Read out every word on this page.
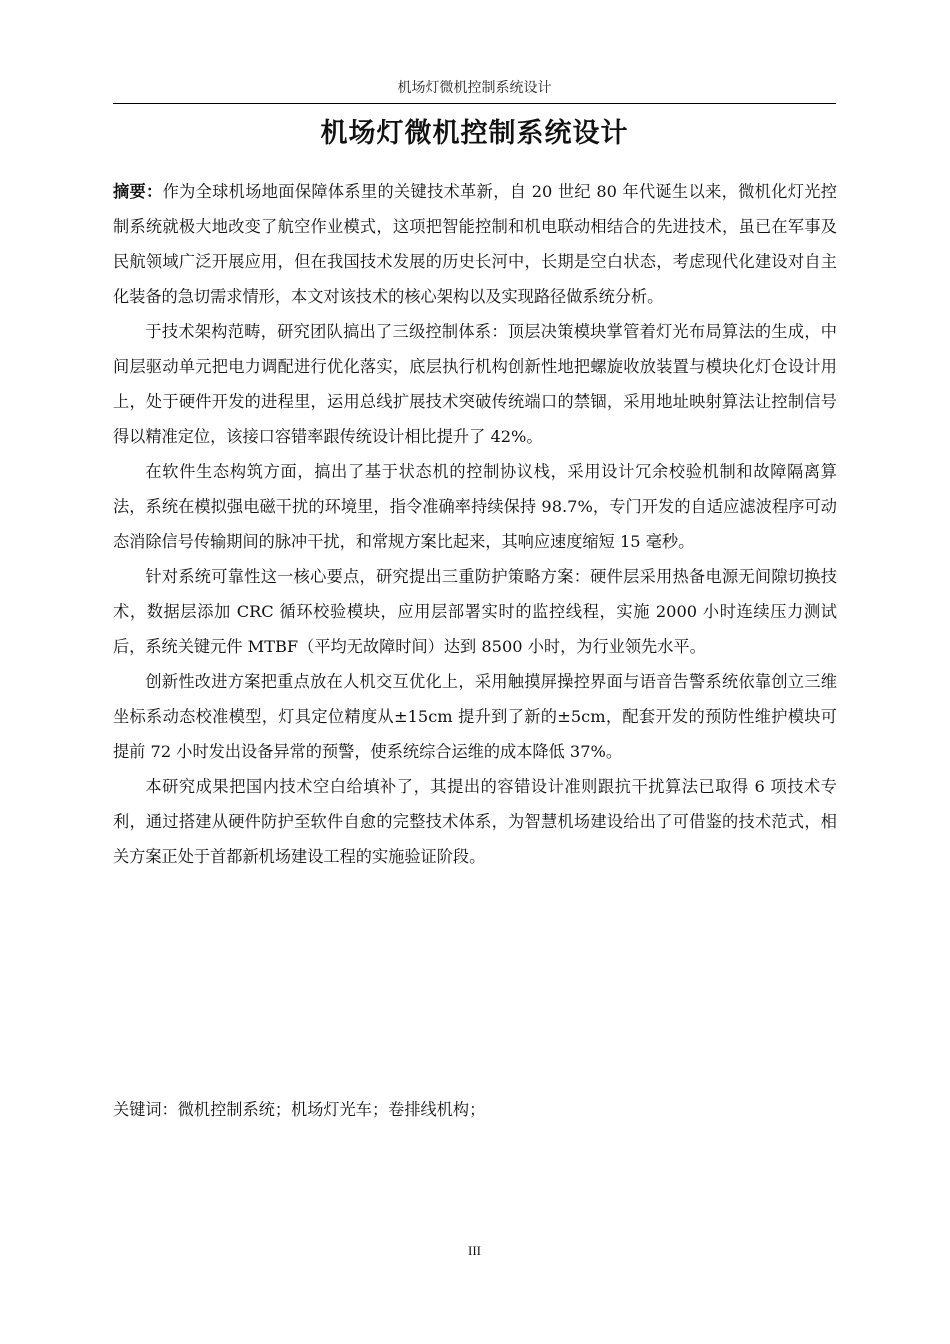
机场灯微机控制系统设计
机场灯微机控制系统设计

摘要：作为全球机场地面保障体系里的关键技术革新，自 20 世纪 80 年代诞生以来，微机化灯光控制系统就极大地改变了航空作业模式，这项把智能控制和机电联动相结合的先进技术，虽已在军事及民航领域广泛开展应用，但在我国技术发展的历史长河中，长期是空白状态，考虑现代化建设对自主化装备的急切需求情形，本文对该技术的核心架构以及实现路径做系统分析。

于技术架构范畴，研究团队搞出了三级控制体系：顶层决策模块掌管着灯光布局算法的生成，中间层驱动单元把电力调配进行优化落实，底层执行机构创新性地把螺旋收放装置与模块化灯仓设计用上，处于硬件开发的进程里，运用总线扩展技术突破传统端口的禁锢，采用地址映射算法让控制信号得以精准定位，该接口容错率跟传统设计相比提升了 42%。

在软件生态构筑方面，搞出了基于状态机的控制协议栈，采用设计冗余校验机制和故障隔离算法，系统在模拟强电磁干扰的环境里，指令准确率持续保持 98.7%，专门开发的自适应滤波程序可动态消除信号传输期间的脉冲干扰，和常规方案比起来，其响应速度缩短 15 毫秒。

针对系统可靠性这一核心要点，研究提出三重防护策略方案：硬件层采用热备电源无间隙切换技术，数据层添加 CRC 循环校验模块，应用层部署实时的监控线程，实施 2000 小时连续压力测试后，系统关键元件 MTBF（平均无故障时间）达到 8500 小时，为行业领先水平。

创新性改进方案把重点放在人机交互优化上，采用触摸屏操控界面与语音告警系统依靠创立三维坐标系动态校准模型，灯具定位精度从±15cm 提升到了新的±5cm，配套开发的预防性维护模块可提前 72 小时发出设备异常的预警，使系统综合运维的成本降低 37%。

本研究成果把国内技术空白给填补了，其提出的容错设计准则跟抗干扰算法已取得 6 项技术专利，通过搭建从硬件防护至软件自愈的完整技术体系，为智慧机场建设给出了可借鉴的技术范式，相关方案正处于首都新机场建设工程的实施验证阶段。

关键词：微机控制系统；机场灯光车；卷排线机构；

III
